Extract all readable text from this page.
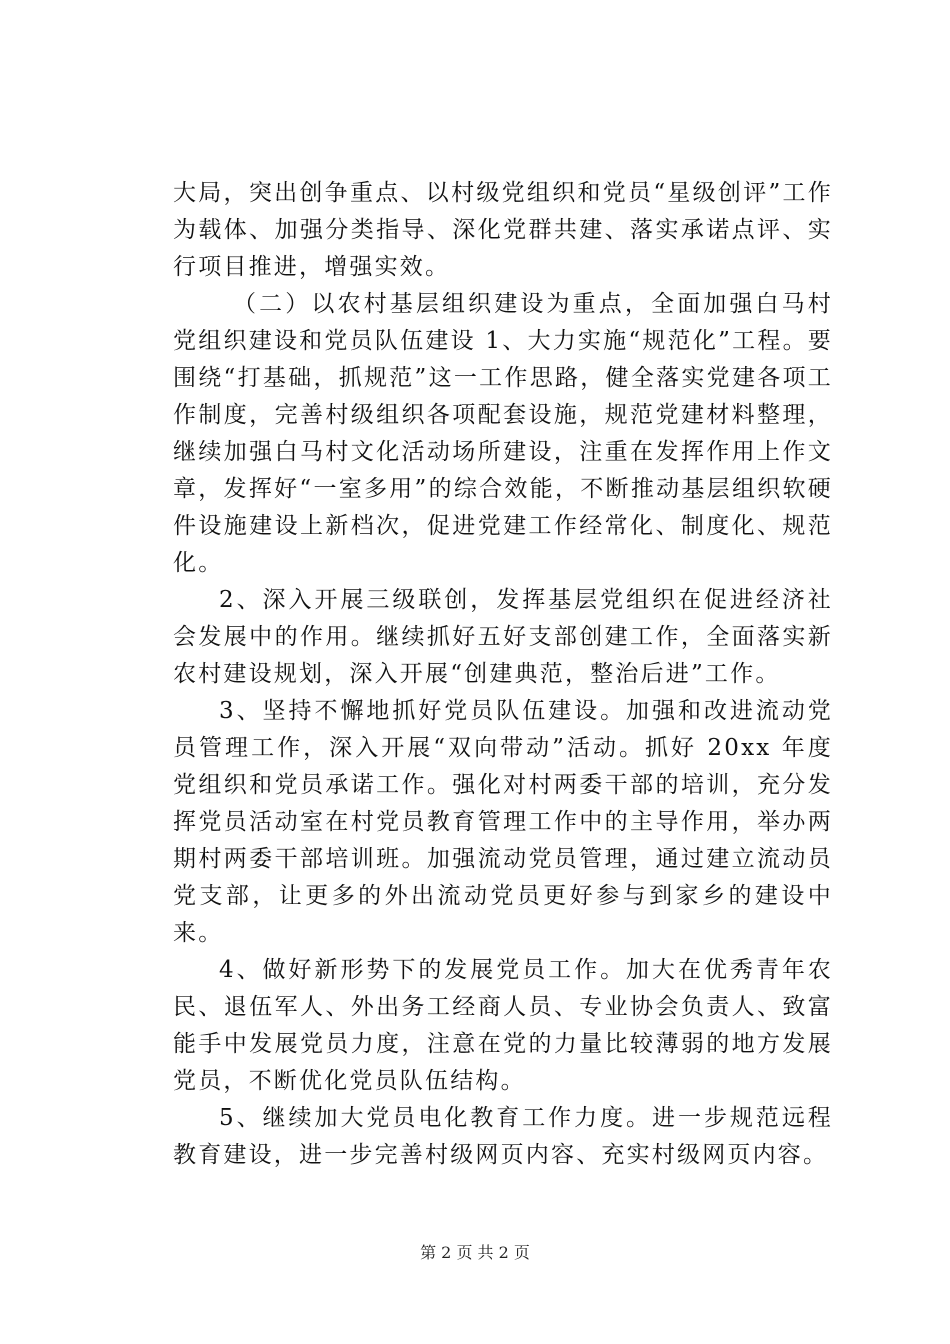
大局，突出创争重点、以村级党组织和党员“星级创评”工作为载体、加强分类指导、深化党群共建、落实承诺点评、实行项目推进，增强实效。

（二）以农村基层组织建设为重点，全面加强白马村党组织建设和党员队伍建设 1、大力实施“规范化”工程。要围绕“打基础，抓规范”这一工作思路，健全落实党建各项工作制度，完善村级组织各项配套设施，规范党建材料整理，继续加强白马村文化活动场所建设，注重在发挥作用上作文章，发挥好“一室多用”的综合效能，不断推动基层组织软硬件设施建设上新档次，促进党建工作经常化、制度化、规范化。

2、深入开展三级联创，发挥基层党组织在促进经济社会发展中的作用。继续抓好五好支部创建工作，全面落实新农村建设规划，深入开展“创建典范，整治后进”工作。

3、坚持不懈地抓好党员队伍建设。加强和改进流动党员管理工作，深入开展“双向带动”活动。抓好 20xx 年度党组织和党员承诺工作。强化对村两委干部的培训，充分发挥党员活动室在村党员教育管理工作中的主导作用，举办两期村两委干部培训班。加强流动党员管理，通过建立流动员党支部，让更多的外出流动党员更好参与到家乡的建设中来。

4、做好新形势下的发展党员工作。加大在优秀青年农民、退伍军人、外出务工经商人员、专业协会负责人、致富能手中发展党员力度，注意在党的力量比较薄弱的地方发展党员，不断优化党员队伍结构。

5、继续加大党员电化教育工作力度。进一步规范远程教育建设，进一步完善村级网页内容、充实村级网页内容。

第 2 页 共 2 页
